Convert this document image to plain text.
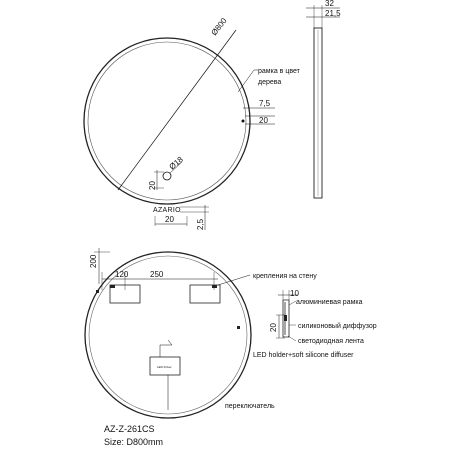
Ø800
рамка в цвет
дерева
7,5
20
Ø18
20
AZARIO
20	2,5
32
21,5
200
120	250	крепления на стену
LED Driver
переключатель
10
20
алюминиевая рамка
силиконовый диффузор
светодиодная лента
LED holder+soft silicone diffuser
AZ-Z-261CS
Size: D800mm
